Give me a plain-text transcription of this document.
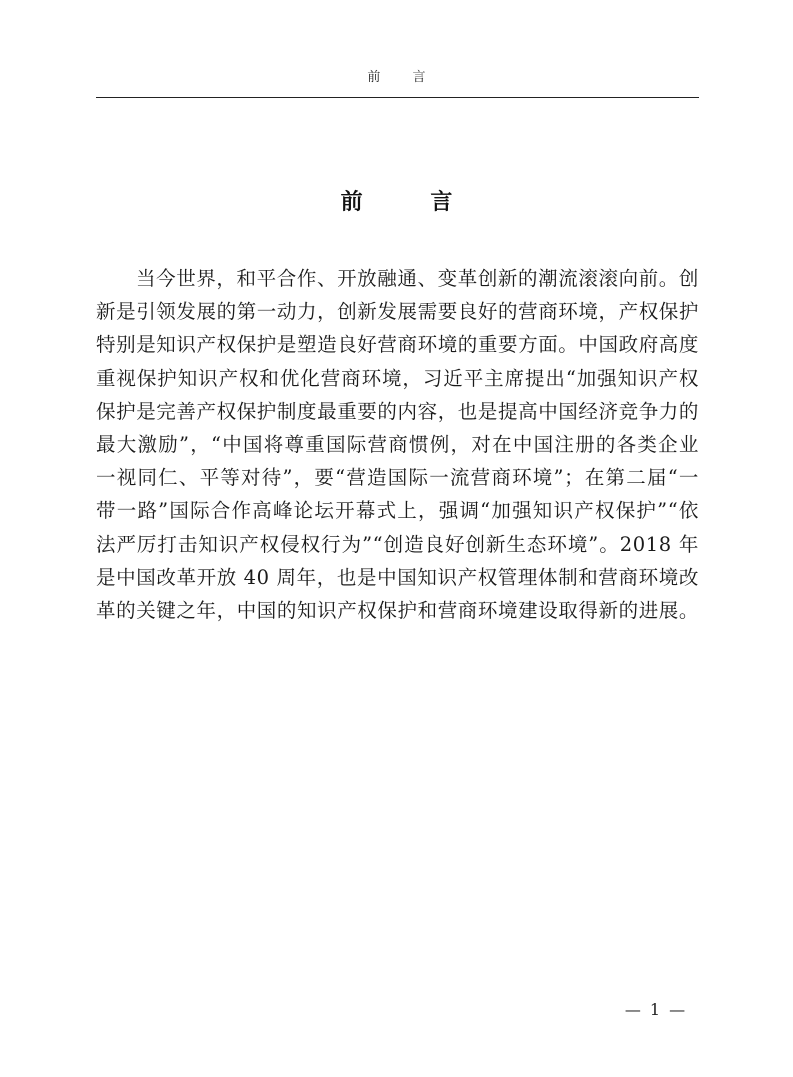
前 言
前 言

当今世界，和平合作、开放融通、变革创新的潮流滚滚向前。创新是引领发展的第一动力，创新发展需要良好的营商环境，产权保护特别是知识产权保护是塑造良好营商环境的重要方面。中国政府高度重视保护知识产权和优化营商环境，习近平主席提出“加强知识产权保护是完善产权保护制度最重要的内容，也是提高中国经济竞争力的最大激励”，“中国将尊重国际营商惯例，对在中国注册的各类企业一视同仁、平等对待”，要“营造国际一流营商环境”；在第二届“一带一路”国际合作高峰论坛开幕式上，强调“加强知识产权保护”“依法严厉打击知识产权侵权行为”“创造良好创新生态环境”。2018 年是中国改革开放 40 周年，也是中国知识产权管理体制和营商环境改革的关键之年，中国的知识产权保护和营商环境建设取得新的进展。

— 1 —
